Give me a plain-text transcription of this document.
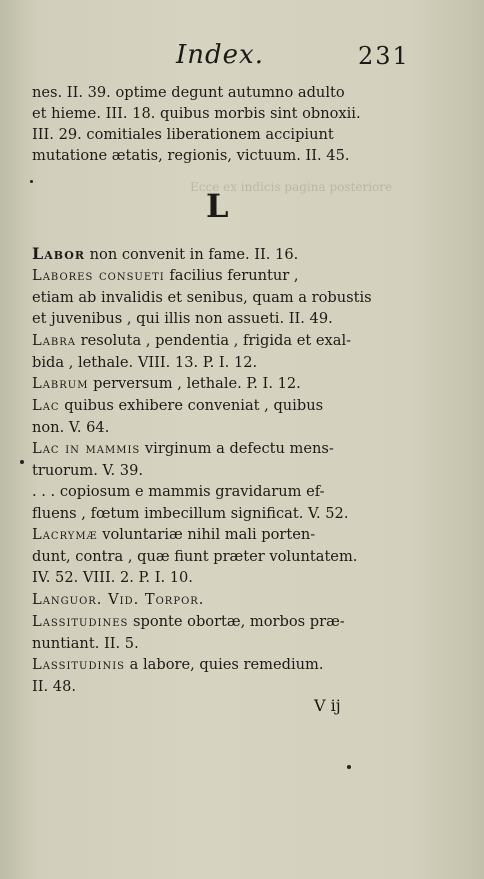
Ecce ex indicis pagina posteriore
Index.	231
nes. II. 39. optime degunt autumno adulto
et hieme. III. 18. quibus morbis sint obnoxii.
III. 29. comitiales liberationem accipiunt
mutatione ætatis, regionis, victuum. II. 45.
L
Labor non convenit in fame. II. 16.
Labores consueti facilius feruntur ,
etiam ab invalidis et senibus, quam a robustis
et juvenibus , qui illis non assueti. II. 49.
Labra resoluta , pendentia , frigida et exal-
bida , lethale. VIII. 13. P. I. 12.
Labrum perversum , lethale. P. I. 12.
Lac quibus exhibere conveniat , quibus
non. V. 64.
Lac in mammis virginum a defectu mens-
truorum. V. 39.
. . . copiosum e mammis gravidarum ef-
fluens , fœtum imbecillum significat. V. 52.
Lacrymæ voluntariæ nihil mali porten-
dunt, contra , quæ fiunt præter voluntatem.
IV. 52. VIII. 2. P. I. 10.
Languor. Vid. Torpor.
Lassitudines sponte obortæ, morbos præ-
nuntiant. II. 5.
Lassitudinis a labore, quies remedium.
II. 48.
V ij
